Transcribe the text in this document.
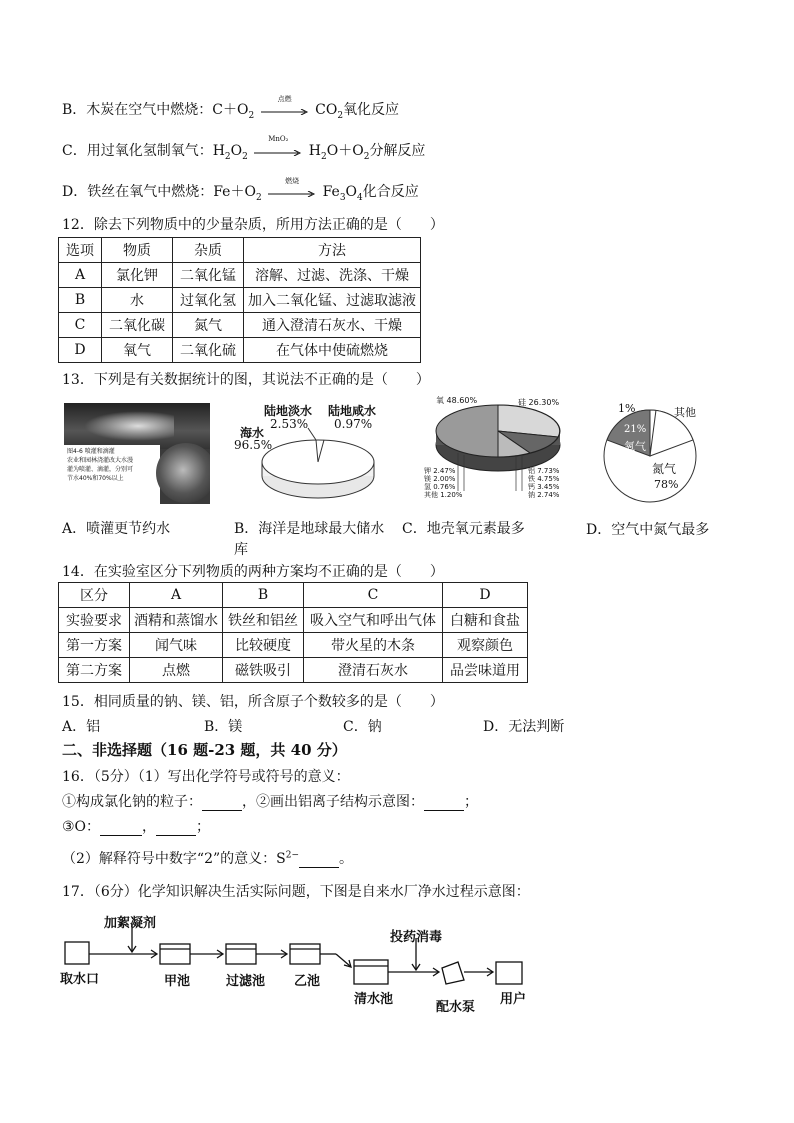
B．木炭在空气中燃烧：$C+O_2$
点燃
$CO_2$氧化反应
C．用过氧化氢制氧气：$H_2O_2$
MnO₂
$H_2O+O_2$分解反应
D．铁丝在氧气中燃烧：$Fe+O_2$
燃烧
$Fe_3O_4$化合反应
12．除去下列物质中的少量杂质，所用方法正确的是（　　）
选项	物质	杂质	方法
A	氯化钾	二氧化锰	溶解、过滤、洗涤、干燥
B	水	过氧化氢	加入二氧化锰、过滤取滤液
C	二氧化碳	氮气	通入澄清石灰水、干燥
D	氧气	二氧化硫	在气体中使硫燃烧
13．下列是有关数据统计的图，其说法不正确的是（　　）
图4-6 喷灌和滴灌
农业和园林浇灌改大水漫
灌为喷灌、滴灌，分别可
节水40%和70%以上
陆地淡水
2.53%
陆地咸水
0.97%
海水
96.5%
氧 48.60%	硅 26.30%
钾 2.47%
镁 2.00%
氢 0.76%
其他 1.20%
铝 7.73%
铁 4.75%
钙 3.45%
钠 2.74%
1%	其他
21%
氧气
氮气
78%
A．喷灌更节约水	B．海洋是地球最大储水
库
C．地壳氧元素最多	D．空气中氮气最多
14．在实验室区分下列物质的两种方案均不正确的是（　　）
区分	A	B	C	D
实验要求	酒精和蒸馏水	铁丝和铝丝	吸入空气和呼出气体	白糖和食盐
第一方案	闻气味	比较硬度	带火星的木条	观察颜色
第二方案	点燃	磁铁吸引	澄清石灰水	品尝味道用
15．相同质量的钠、镁、铝，所含原子个数较多的是（　　）
A．铝	B．镁	C．钠	D．无法判断
二、非选择题（16 题-23 题，共 40 分）
16．（5分）（1）写出化学符号或符号的意义：
①构成氯化钠的粒子：	，②画出铝离子结构示意图：	；
③O：	，	；
（2）解释符号中数字“2”的意义：$S^{2-}$	。
17．（6分）化学知识解决生活实际问题，下图是自来水厂净水过程示意图：
加絮凝剂
取水口	甲池	过滤池 乙池
清水池
投药消毒
配水泵
用户
